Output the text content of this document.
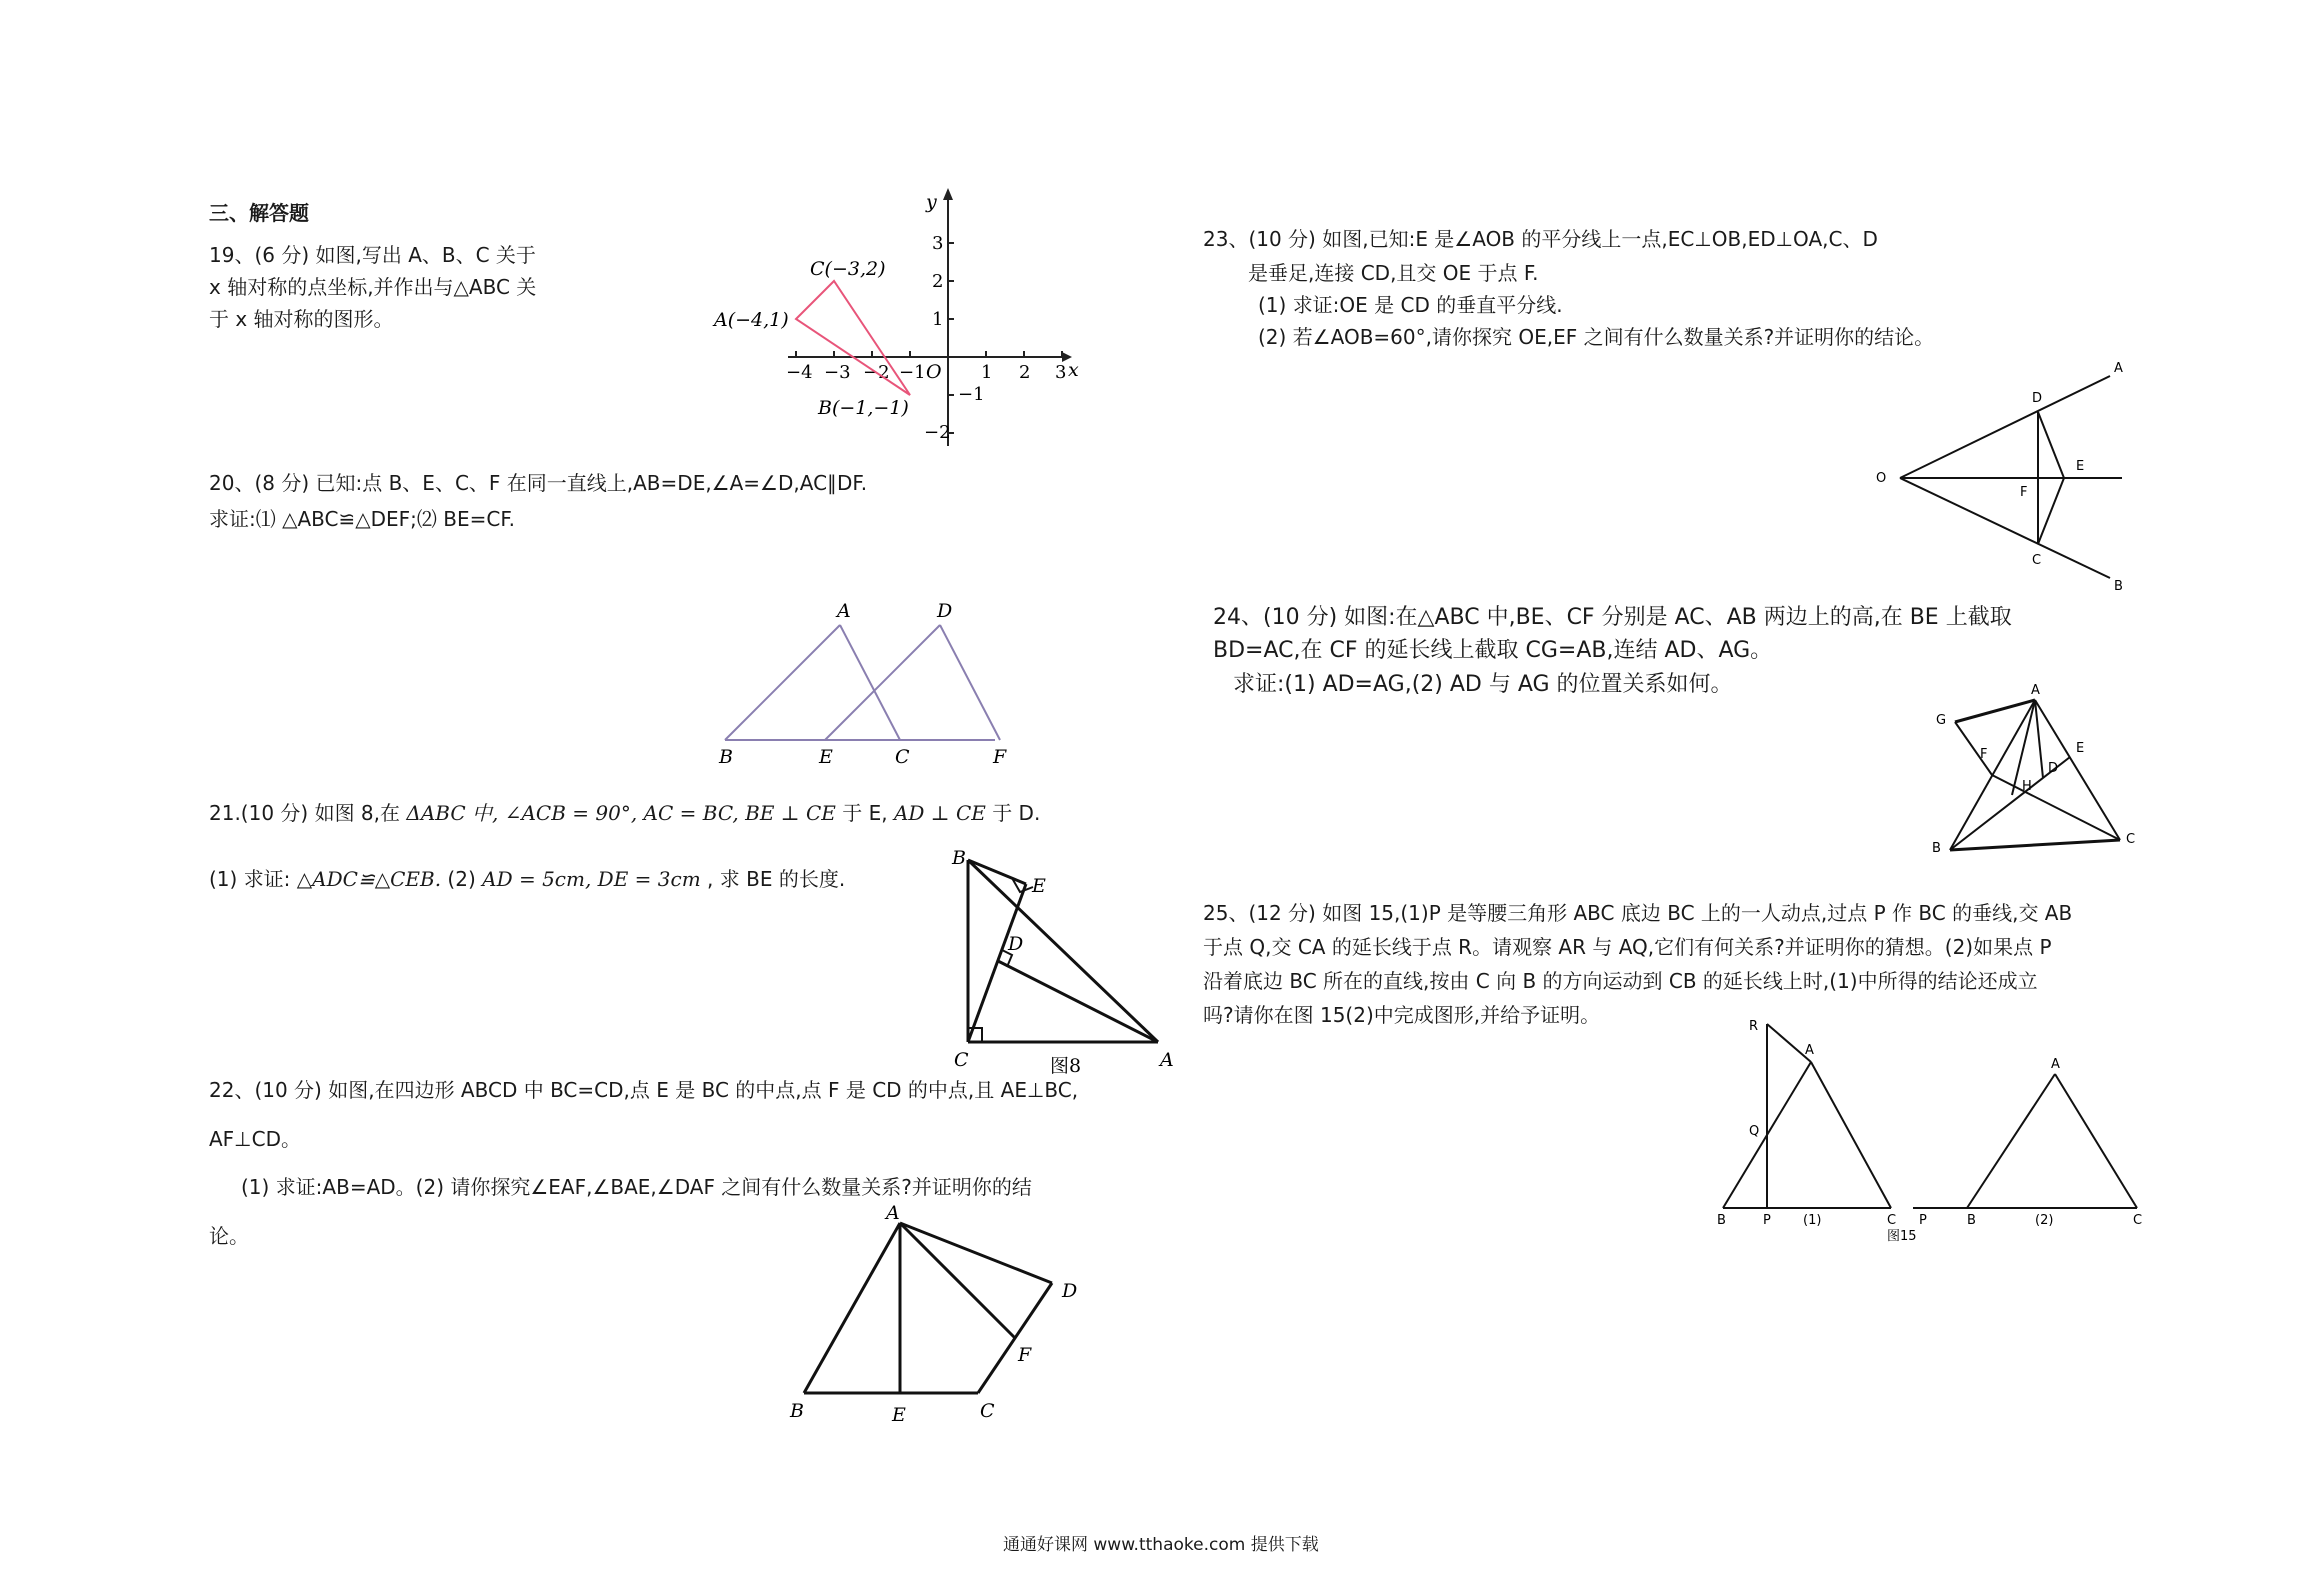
三、解答题
19、(6 分) 如图,写出 A、B、C 关于
x 轴对称的点坐标,并作出与△ABC 关
于 x 轴对称的图形。
y
x
O
−4 −3 −2 −1	1 2 3
3
2
1
−1
−2
C(−3,2)
A(−4,1)
B(−1,−1)
20、(8 分) 已知:点 B、E、C、F 在同一直线上,AB=DE,∠A=∠D,AC∥DF.
求证:⑴ △ABC≌△DEF;⑵ BE=CF.
A	D
B	E	C	F
21.(10 分) 如图 8,在 ΔABC 中, ∠ACB = 90°, AC = BC, BE ⊥ CE 于 E, AD ⊥ CE 于 D.
(1) 求证: △ADC≌△CEB. (2) AD = 5cm, DE = 3cm , 求 BE 的长度.
B
E
D
C	A
图8
22、(10 分) 如图,在四边形 ABCD 中 BC=CD,点 E 是 BC 的中点,点 F 是 CD 的中点,且 AE⊥BC,
AF⊥CD。
(1) 求证:AB=AD。(2) 请你探究∠EAF,∠BAE,∠DAF 之间有什么数量关系?并证明你的结
论。
A
D
F
B	E	C
23、(10 分) 如图,已知:E 是∠AOB 的平分线上一点,EC⊥OB,ED⊥OA,C、D
是垂足,连接 CD,且交 OE 于点 F.
(1) 求证:OE 是 CD 的垂直平分线.
(2) 若∠AOB=60°,请你探究 OE,EF 之间有什么数量关系?并证明你的结论。
A
D
O
E
F
C
B
24、(10 分) 如图:在△ABC 中,BE、CF 分别是 AC、AB 两边上的高,在 BE 上截取
BD=AC,在 CF 的延长线上截取 CG=AB,连结 AD、AG。
求证:(1) AD=AG,(2) AD 与 AG 的位置关系如何。	A
G
E
F
D
H
B
C
25、(12 分) 如图 15,(1)P 是等腰三角形 ABC 底边 BC 上的一人动点,过点 P 作 BC 的垂线,交 AB
于点 Q,交 CA 的延长线于点 R。请观察 AR 与 AQ,它们有何关系?并证明你的猜想。(2)如果点 P
沿着底边 BC 所在的直线,按由 C 向 B 的方向运动到 CB 的延长线上时,(1)中所得的结论还成立
吗?请你在图 15(2)中完成图形,并给予证明。	R
A
Q
B	P (1)	C
图15
P	B	(2)
A
C
通通好课网 www.tthaoke.com 提供下载
